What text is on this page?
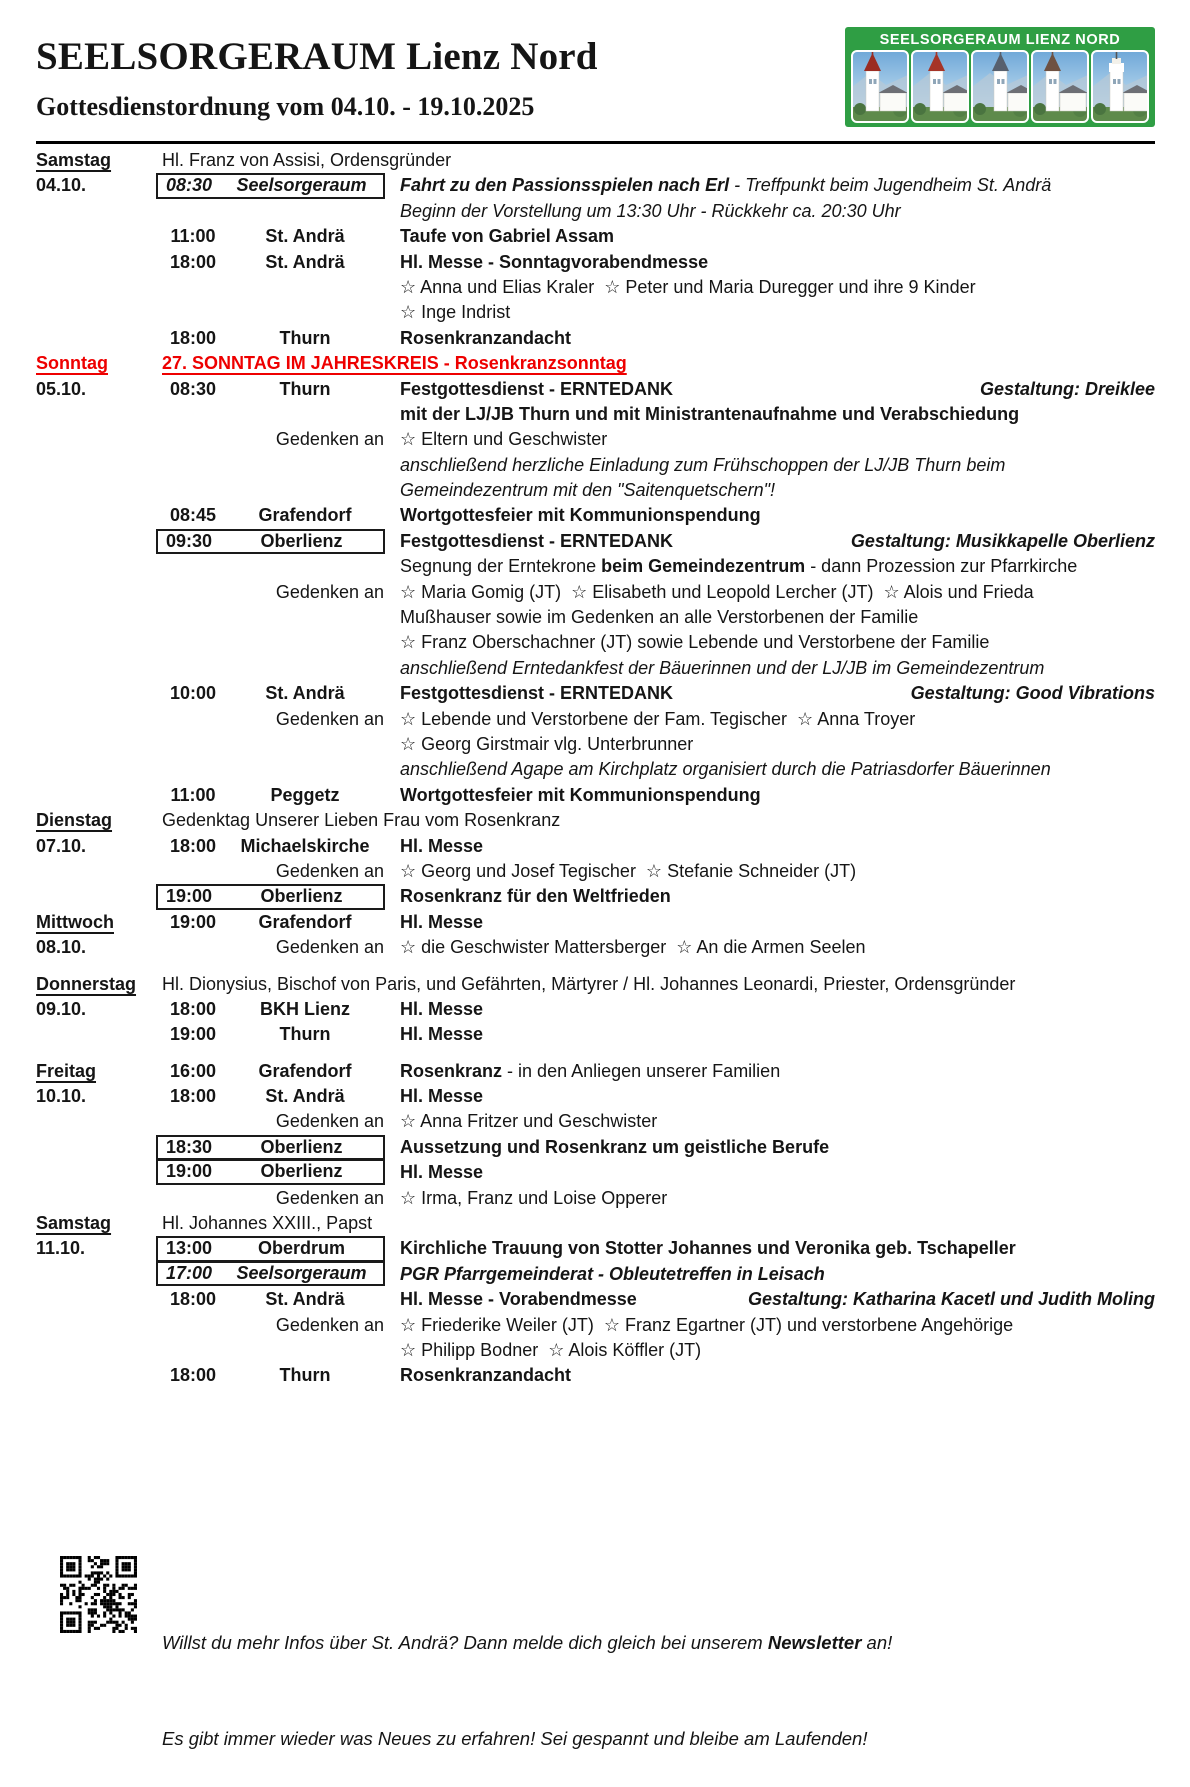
SEELSORGERAUM Lienz Nord
Gottesdienstordnung vom 04.10. - 19.10.2025
SEELSORGERAUM LIENZ NORD
Samstag	Hl. Franz von Assisi, Ordensgründer
04.10.	08:30	Seelsorgeraum	Fahrt zu den Passionsspielen nach Erl - Treffpunkt beim Jugendheim St. Andrä
Beginn der Vorstellung um 13:30 Uhr - Rückkehr ca. 20:30 Uhr
11:00	St. Andrä	Taufe von Gabriel Assam
18:00	St. Andrä	Hl. Messe - Sonntagvorabendmesse
☆ Anna und Elias Kraler  ☆ Peter und Maria Duregger und ihre 9 Kinder
☆ Inge Indrist
18:00	Thurn	Rosenkranzandacht
Sonntag	27. SONNTAG IM JAHRESKREIS - Rosenkranzsonntag
05.10.	08:30	Thurn	Festgottesdienst - ERNTEDANK	Gestaltung: Dreiklee
mit der LJ/JB Thurn und mit Ministrantenaufnahme und Verabschiedung
Gedenken an ☆ Eltern und Geschwister
anschließend herzliche Einladung zum Frühschoppen der LJ/JB Thurn beim
Gemeindezentrum mit den "Saitenquetschern"!
08:45	Grafendorf	Wortgottesfeier mit Kommunionspendung
09:30	Oberlienz	Festgottesdienst - ERNTEDANK	Gestaltung: Musikkapelle Oberlienz
Segnung der Erntekrone beim Gemeindezentrum - dann Prozession zur Pfarrkirche
Gedenken an ☆ Maria Gomig (JT)  ☆ Elisabeth und Leopold Lercher (JT)  ☆ Alois und Frieda
Mußhauser sowie im Gedenken an alle Verstorbenen der Familie
☆ Franz Oberschachner (JT) sowie Lebende und Verstorbene der Familie
anschließend Erntedankfest der Bäuerinnen und der LJ/JB im Gemeindezentrum
10:00	St. Andrä	Festgottesdienst - ERNTEDANK	Gestaltung: Good Vibrations
Gedenken an ☆ Lebende und Verstorbene der Fam. Tegischer  ☆ Anna Troyer
☆ Georg Girstmair vlg. Unterbrunner
anschließend Agape am Kirchplatz organisiert durch die Patriasdorfer Bäuerinnen
11:00	Peggetz	Wortgottesfeier mit Kommunionspendung
Dienstag	Gedenktag Unserer Lieben Frau vom Rosenkranz
07.10.	18:00	Michaelskirche	Hl. Messe
Gedenken an ☆ Georg und Josef Tegischer  ☆ Stefanie Schneider (JT)
19:00	Oberlienz	Rosenkranz für den Weltfrieden
Mittwoch	19:00	Grafendorf	Hl. Messe
08.10.	Gedenken an ☆ die Geschwister Mattersberger  ☆ An die Armen Seelen
Donnerstag Hl. Dionysius, Bischof von Paris, und Gefährten, Märtyrer / Hl. Johannes Leonardi, Priester, Ordensgründer
09.10.	18:00	BKH Lienz	Hl. Messe
19:00	Thurn	Hl. Messe
Freitag	16:00	Grafendorf	Rosenkranz - in den Anliegen unserer Familien
10.10.	18:00	St. Andrä	Hl. Messe
Gedenken an ☆ Anna Fritzer und Geschwister
18:30	Oberlienz	Aussetzung und Rosenkranz um geistliche Berufe
19:00	Oberlienz	Hl. Messe
Gedenken an ☆ Irma, Franz und Loise Opperer
Samstag	Hl. Johannes XXIII., Papst
11.10.	13:00	Oberdrum	Kirchliche Trauung von Stotter Johannes und Veronika geb. Tschapeller
17:00	Seelsorgeraum	PGR Pfarrgemeinderat - Obleutetreffen in Leisach
18:00	St. Andrä	Hl. Messe - Vorabendmesse	Gestaltung: Katharina Kacetl und Judith Moling
Gedenken an ☆ Friederike Weiler (JT)  ☆ Franz Egartner (JT) und verstorbene Angehörige
☆ Philipp Bodner  ☆ Alois Köffler (JT)
18:00	Thurn	Rosenkranzandacht

Willst du mehr Infos über St. Andrä? Dann melde dich gleich bei unserem Newsletter an!

Es gibt immer wieder was Neues zu erfahren! Sei gespannt und bleibe am Laufenden!
